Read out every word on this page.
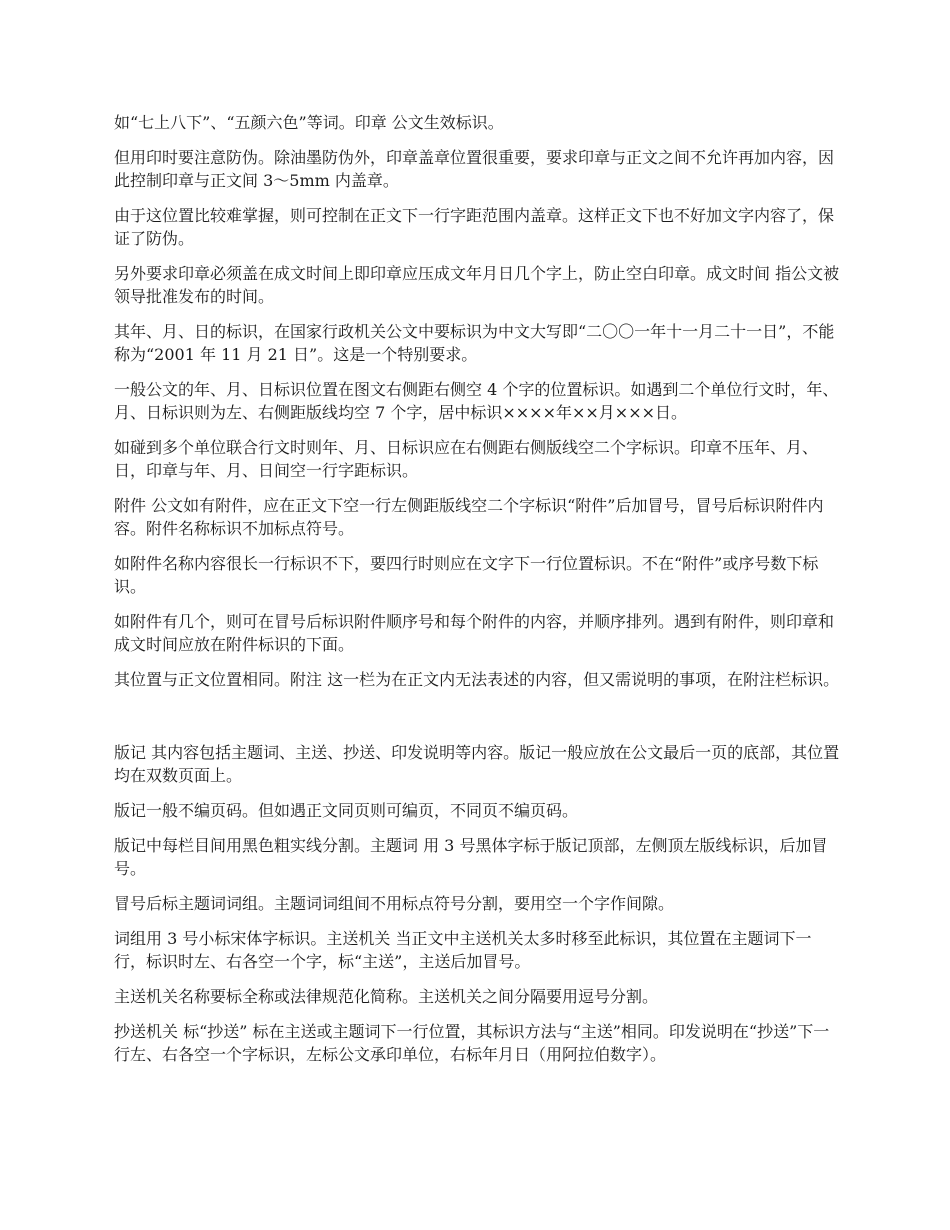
如“七上八下”、“五颜六色”等词。印章 公文生效标识。

但用印时要注意防伪。除油墨防伪外，印章盖章位置很重要，要求印章与正文之间不允许再加内容，因此控制印章与正文间 3～5mm 内盖章。

由于这位置比较难掌握，则可控制在正文下一行字距范围内盖章。这样正文下也不好加文字内容了，保证了防伪。

另外要求印章必须盖在成文时间上即印章应压成文年月日几个字上，防止空白印章。成文时间 指公文被领导批准发布的时间。

其年、月、日的标识，在国家行政机关公文中要标识为中文大写即“二〇〇一年十一月二十一日”，不能称为“2001 年 11 月 21 日”。这是一个特别要求。

一般公文的年、月、日标识位置在图文右侧距右侧空 4 个字的位置标识。如遇到二个单位行文时，年、月、日标识则为左、右侧距版线均空 7 个字，居中标识××××年××月×××日。

如碰到多个单位联合行文时则年、月、日标识应在右侧距右侧版线空二个字标识。印章不压年、月、日，印章与年、月、日间空一行字距标识。

附件 公文如有附件，应在正文下空一行左侧距版线空二个字标识“附件”后加冒号，冒号后标识附件内容。附件名称标识不加标点符号。

如附件名称内容很长一行标识不下，要四行时则应在文字下一行位置标识。不在“附件”或序号数下标识。

如附件有几个，则可在冒号后标识附件顺序号和每个附件的内容，并顺序排列。遇到有附件，则印章和成文时间应放在附件标识的下面。

其位置与正文位置相同。附注 这一栏为在正文内无法表述的内容，但又需说明的事项，在附注栏标识。

版记 其内容包括主题词、主送、抄送、印发说明等内容。版记一般应放在公文最后一页的底部，其位置均在双数页面上。

版记一般不编页码。但如遇正文同页则可编页，不同页不编页码。

版记中每栏目间用黑色粗实线分割。主题词 用 3 号黑体字标于版记顶部，左侧顶左版线标识，后加冒号。

冒号后标主题词词组。主题词词组间不用标点符号分割，要用空一个字作间隙。

词组用 3 号小标宋体字标识。主送机关 当正文中主送机关太多时移至此标识，其位置在主题词下一行，标识时左、右各空一个字，标“主送”，主送后加冒号。

主送机关名称要标全称或法律规范化简称。主送机关之间分隔要用逗号分割。

抄送机关 标“抄送” 标在主送或主题词下一行位置，其标识方法与“主送”相同。印发说明在“抄送”下一行左、右各空一个字标识，左标公文承印单位，右标年月日（用阿拉伯数字）。
